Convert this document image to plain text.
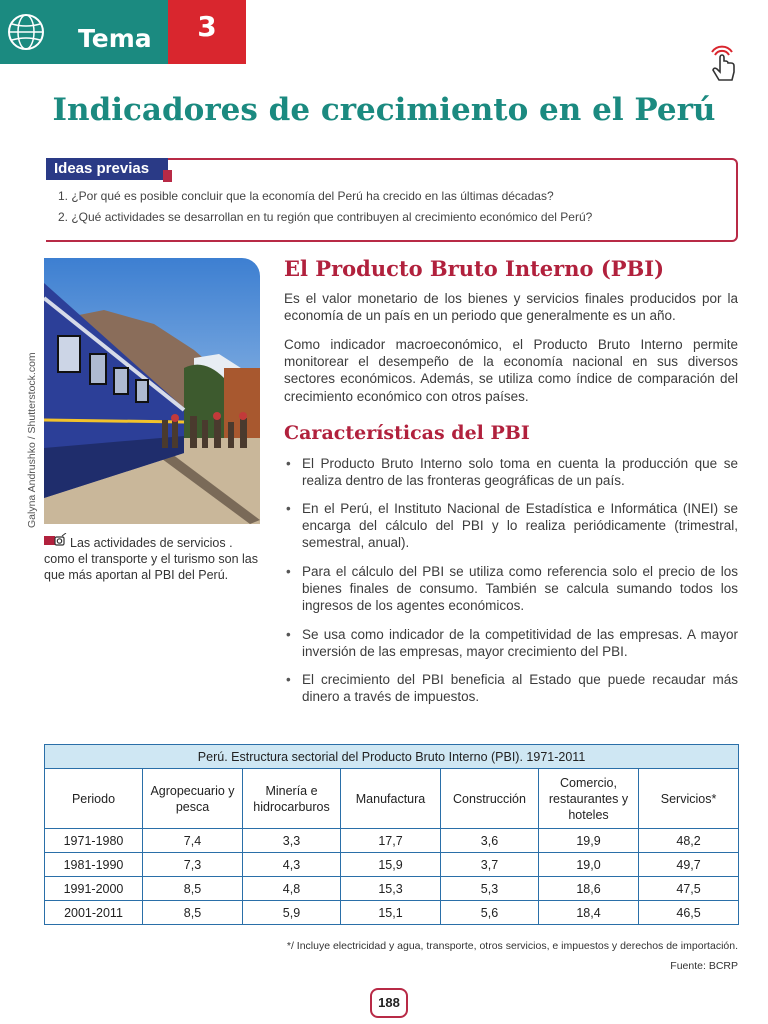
Tema	3
Indicadores de crecimiento en el Perú
Ideas previas

1. ¿Por qué es posible concluir que la economía del Perú ha crecido en las últimas décadas?

2. ¿Qué actividades se desarrollan en tu región que contribuyen al crecimiento económico del Perú?

Galyna Andrushko / Shutterstock.com

Las actividades de servicios . como el transporte y el turismo son las que más aportan al PBI del Perú.

El Producto Bruto Interno (PBI)

Es el valor monetario de los bienes y servicios finales producidos por la economía de un país en un periodo que generalmente es un año.

Como indicador macroeconómico, el Producto Bruto Interno permite monitorear el desempeño de la economía nacional en sus diversos sectores económicos. Además, se utiliza como índice de comparación del crecimiento económico con otros países.

Características del PBI

• El Producto Bruto Interno solo toma en cuenta la producción que se realiza dentro de las fronteras geográficas de un país.

• En el Perú, el Instituto Nacional de Estadística e Informática (INEI) se encarga del cálculo del PBI y lo realiza periódicamente (trimestral, semestral, anual).

• Para el cálculo del PBI se utiliza como referencia solo el precio de los bienes finales de consumo. También se calcula sumando todos los ingresos de los agentes económicos.

• Se usa como indicador de la competitividad de las empresas. A mayor inversión de las empresas, mayor crecimiento del PBI.

• El crecimiento del PBI beneficia al Estado que puede recaudar más dinero a través de impuestos.

Perú. Estructura sectorial del Producto Bruto Interno (PBI). 1971-2011						
Periodo	Agropecuario y pesca	Minería e hidrocarburos	Manufactura	Construcción	Comercio, restaurantes y hoteles	Servicios*
1971-1980	7,4	3,3	17,7	3,6	19,9	48,2
1981-1990	7,3	4,3	15,9	3,7	19,0	49,7
1991-2000	8,5	4,8	15,3	5,3	18,6	47,5
2001-2011	8,5	5,9	15,1	5,6	18,4	46,5

*/ Incluye electricidad y agua, transporte, otros servicios, e impuestos y derechos de importación.

Fuente: BCRP

188
